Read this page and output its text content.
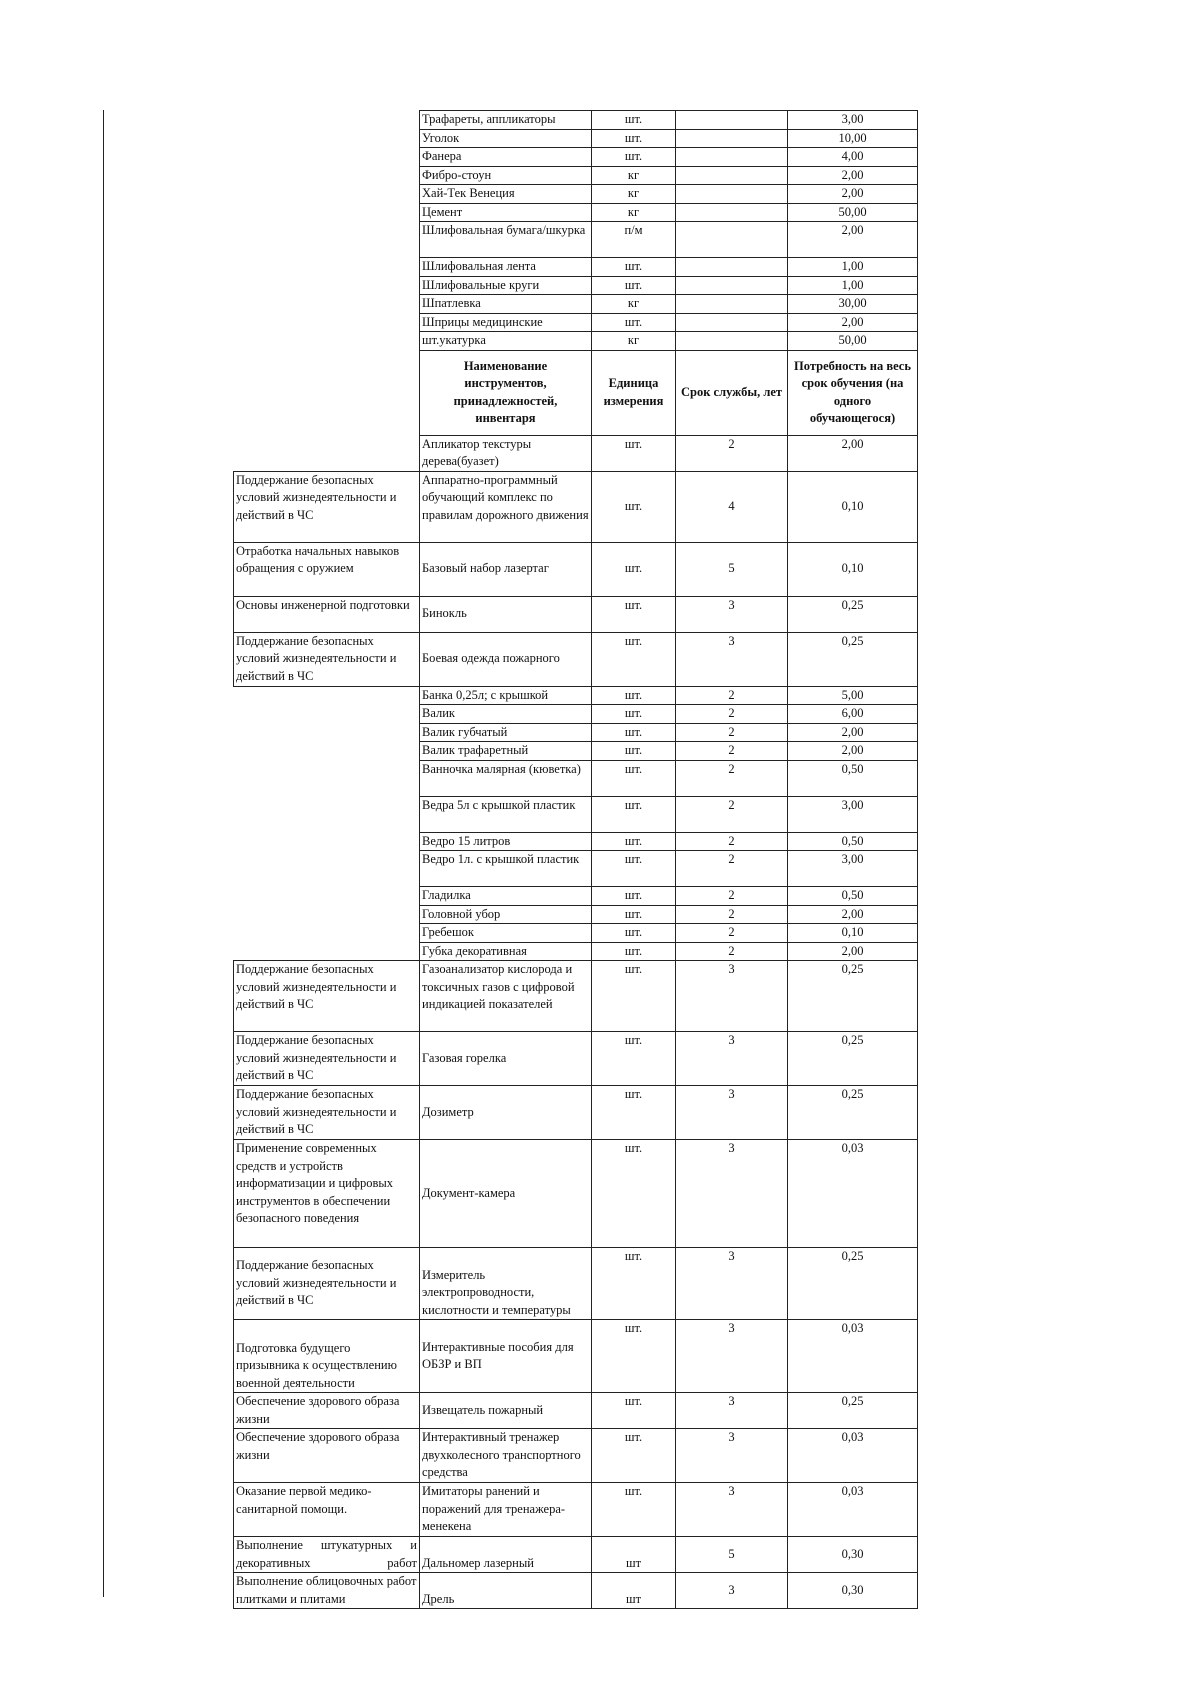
	Трафареты, аппликаторы	шт.		3,00
	Уголок	шт.		10,00
	Фанера	шт.		4,00
	Фибро-стоун	кг		2,00
	Хай-Тек Венеция	кг		2,00
	Цемент	кг		50,00
	Шлифовальная бумага/шкурка	п/м		2,00
	Шлифовальная лента	шт.		1,00
	Шлифовальные круги	шт.		1,00
	Шпатлевка	кг		30,00
	Шприцы медицинские	шт.		2,00
	шт.укатурка	кг		50,00
	Наименование инструментов, принадлежностей, инвентаря	Единица измерения	Срок службы, лет	Потребность на весь срок обучения (на одного обучающегося)
	Апликатор текстуры дерева(буазет)	шт.	2	2,00
Поддержание безопасных условий жизнедеятельности и действий в ЧС	Аппаратно-программный обучающий комплекс по правилам дорожного движения	шт.	4	0,10
Отработка начальных навыков обращения с оружием	Базовый набор лазертаг	шт.	5	0,10
Основы инженерной подготовки	Бинокль	шт.	3	0,25
Поддержание безопасных условий жизнедеятельности и действий в ЧС	Боевая одежда пожарного	шт.	3	0,25
	Банка 0,25л; с крышкой	шт.	2	5,00
	Валик	шт.	2	6,00
	Валик губчатый	шт.	2	2,00
	Валик трафаретный	шт.	2	2,00
	Ванночка малярная (кюветка)	шт.	2	0,50
	Ведра 5л с крышкой пластик	шт.	2	3,00
	Ведро 15 литров	шт.	2	0,50
	Ведро 1л. с крышкой пластик	шт.	2	3,00
	Гладилка	шт.	2	0,50
	Головной убор	шт.	2	2,00
	Гребешок	шт.	2	0,10
	Губка декоративная	шт.	2	2,00
Поддержание безопасных условий жизнедеятельности и действий в ЧС	Газоанализатор кислорода и токсичных газов с цифровой индикацией показателей	шт.	3	0,25
Поддержание безопасных условий жизнедеятельности и действий в ЧС	Газовая горелка	шт.	3	0,25
Поддержание безопасных условий жизнедеятельности и действий в ЧС	Дозиметр	шт.	3	0,25
Применение современных средств и устройств информатизации и цифровых инструментов в обеспечении безопасного поведения	Документ-камера	шт.	3	0,03
Поддержание безопасных условий жизнедеятельности и действий в ЧС	Измеритель электропроводности, кислотности и температуры	шт.	3	0,25
Подготовка будущего призывника к осуществлению военной деятельности	Интерактивные пособия для ОБЗР и ВП	шт.	3	0,03
Обеспечение здорового образа жизни	Извещатель пожарный	шт.	3	0,25
Обеспечение здорового образа жизни	Интерактивный тренажер двухколесного транспортного средства	шт.	3	0,03
Оказание первой медико-санитарной помощи.	Имитаторы ранений и поражений для тренажера-менекена	шт.	3	0,03
Выполнение штукатурных и декоративных работ	Дальномер лазерный	шт	5	0,30
Выполнение облицовочных работ плитками и плитами	Дрель	шт	3	0,30
